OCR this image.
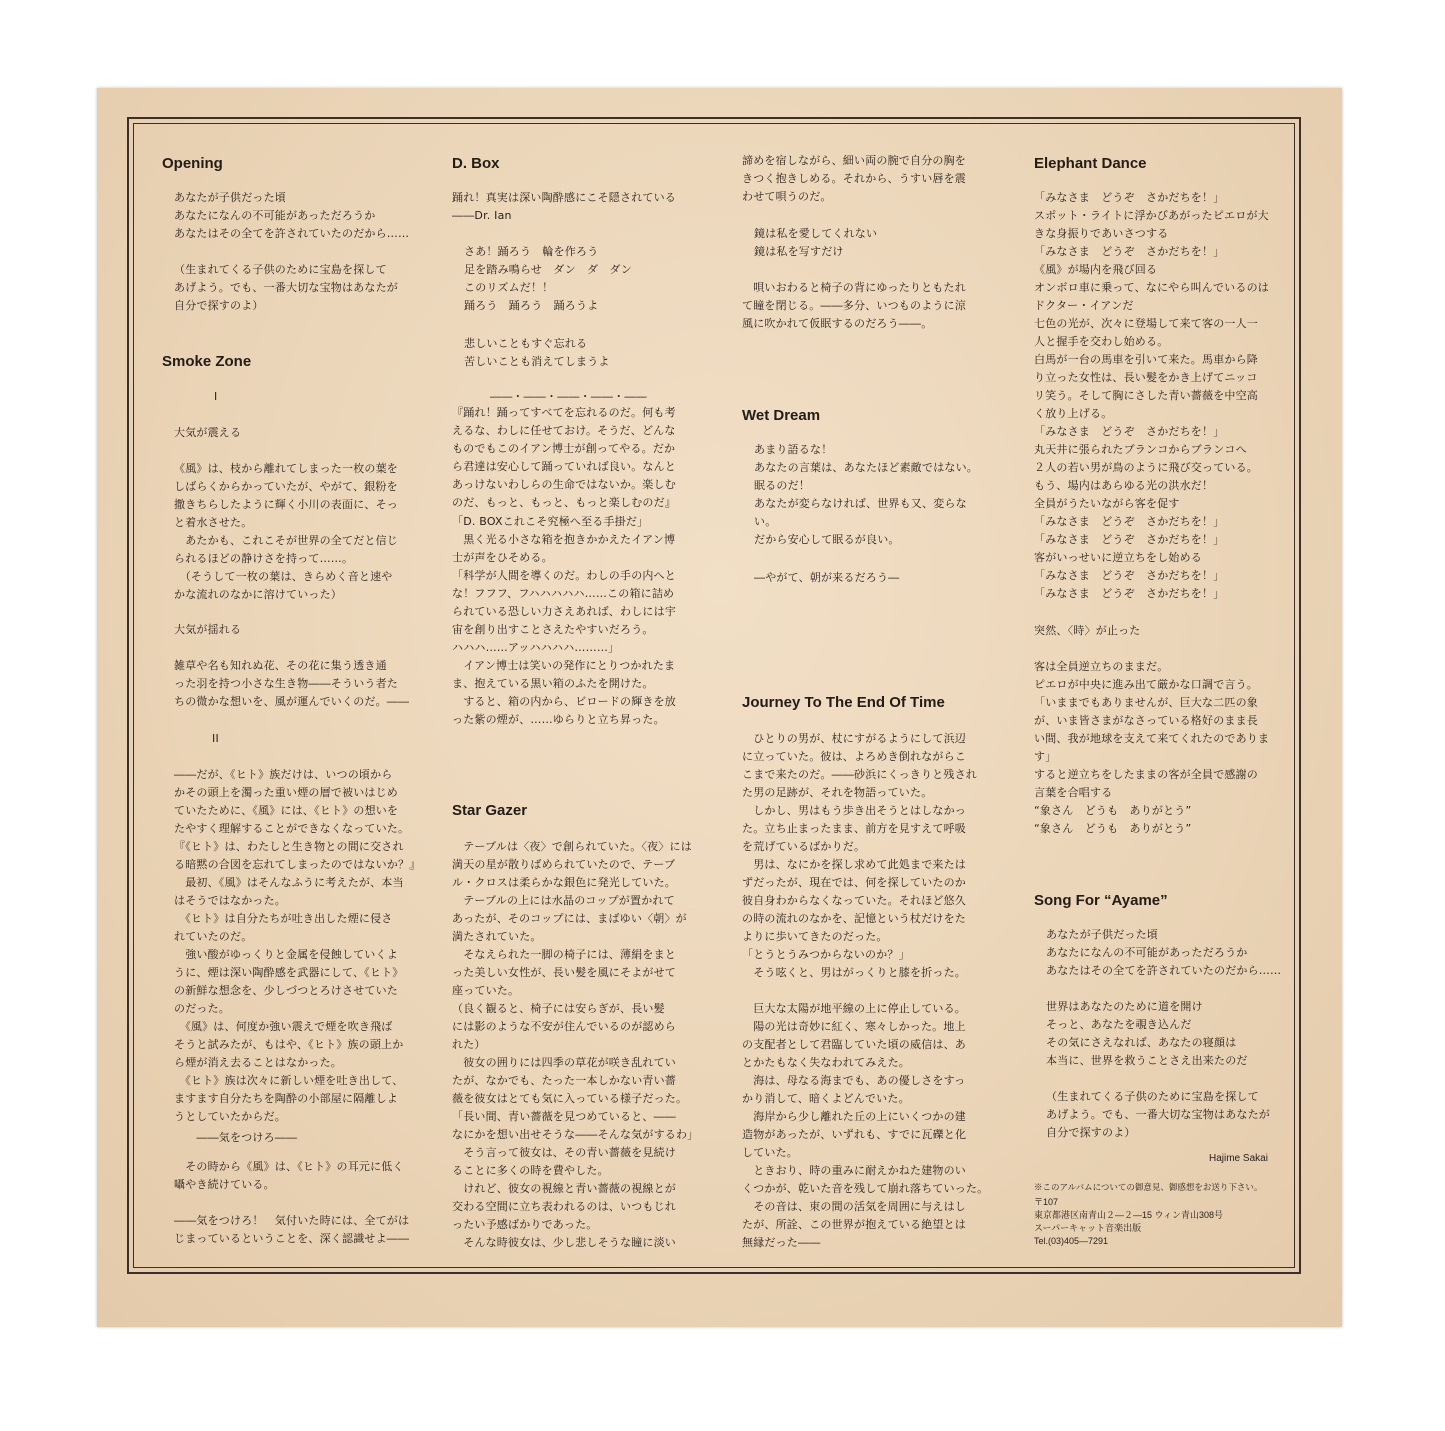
Opening
あなたが子供だった頃
あなたになんの不可能があっただろうか
あなたはその全てを許されていたのだから……
（生まれてくる子供のために宝島を探して
あげよう。でも、一番大切な宝物はあなたが
自分で探すのよ）
Smoke Zone
I
大気が震える
《風》は、枝から離れてしまった一枚の葉を
しばらくからかっていたが、やがて、銀粉を
撒きちらしたように輝く小川の表面に、そっ
と着水させた。
　あたかも、これこそが世界の全てだと信じ
られるほどの静けさを持って……。
　（そうして一枚の葉は、きらめく音と速や
かな流れのなかに溶けていった）
大気が揺れる
雑草や名も知れぬ花、その花に集う透き通
った羽を持つ小さな生き物――そういう者た
ちの微かな想いを、風が運んでいくのだ。――
II
――だが、《ヒト》族だけは、いつの頃から
かその頭上を濁った重い煙の層で被いはじめ
ていたために、《風》には、《ヒト》の想いを
たやすく理解することができなくなっていた。
『《ヒト》は、わたしと生き物との間に交され
る暗黙の合図を忘れてしまったのではないか？』
　最初、《風》はそんなふうに考えたが、本当
はそうではなかった。
　《ヒト》は自分たちが吐き出した煙に侵さ
れていたのだ。
　強い酸がゆっくりと金属を侵蝕していくよ
うに、煙は深い陶酔感を武器にして、《ヒト》
の新鮮な想念を、少しづつとろけさせていた
のだった。
　《風》は、何度か強い震えで煙を吹き飛ば
そうと試みたが、もはや、《ヒト》族の頭上か
ら煙が消え去ることはなかった。
　《ヒト》族は次々に新しい煙を吐き出して、
ますます自分たちを陶酔の小部屋に隔離しよ
うとしていたからだ。
　　――気をつけろ――
　その時から《風》は、《ヒト》の耳元に低く
囁やき続けている。
――気をつけろ！　気付いた時には、全てがは
じまっているということを、深く認識せよ――
D. Box
踊れ！真実は深い陶酔感にこそ隠されている
――Dr. Ian
さあ！踊ろう　輪を作ろう
足を踏み鳴らせ　ダン　ダ　ダン
このリズムだ！！
踊ろう　踊ろう　踊ろうよ
悲しいこともすぐ忘れる
苦しいことも消えてしまうよ
――・――・――・――・――
『踊れ！踊ってすべてを忘れるのだ。何も考
えるな、わしに任せておけ。そうだ、どんな
ものでもこのイアン博士が創ってやる。だか
ら君達は安心して踊っていれば良い。なんと
あっけないわしらの生命ではないか。楽しむ
のだ、もっと、もっと、もっと楽しむのだ』
「D. BOXこれこそ究極へ至る手掛だ」
　黒く光る小さな箱を抱きかかえたイアン博
士が声をひそめる。
「科学が人間を導くのだ。わしの手の内へと
な！フフフ、フハハハハハ……この箱に詰め
られている恐しい力さえあれば、わしには宇
宙を創り出すことさえたやすいだろう。
ハハハ……アッハハハハ………」
　イアン博士は笑いの発作にとりつかれたま
ま、抱えている黒い箱のふたを開けた。
　すると、箱の内から、ビロードの輝きを放
った紫の煙が、……ゆらりと立ち昇った。
Star Gazer
　テーブルは〈夜〉で創られていた。〈夜〉には
満天の星が散りばめられていたので、テーブ
ル・クロスは柔らかな銀色に発光していた。
　テーブルの上には水晶のコップが置かれて
あったが、そのコップには、まばゆい〈朝〉が
満たされていた。
　そなえられた一脚の椅子には、薄絹をまと
った美しい女性が、長い髪を風にそよがせて
座っていた。
（良く観ると、椅子には安らぎが、長い髪
には影のような不安が住んでいるのが認めら
れた）
　彼女の囲りには四季の草花が咲き乱れてい
たが、なかでも、たった一本しかない青い薔
薇を彼女はとても気に入っている様子だった。
「長い間、青い薔薇を見つめていると、――
なにかを想い出せそうな――そんな気がするわ」
　そう言って彼女は、その青い薔薇を見続け
ることに多くの時を費やした。
　けれど、彼女の視線と青い薔薇の視線とが
交わる空間に立ち表われるのは、いつもじれ
ったい予感ばかりであった。
　そんな時彼女は、少し悲しそうな瞳に淡い
諦めを宿しながら、細い両の腕で自分の胸を
きつく抱きしめる。それから、うすい唇を震
わせて唄うのだ。
鏡は私を愛してくれない
鏡は私を写すだけ
　唄いおわると椅子の背にゆったりともたれ
て瞳を閉じる。――多分、いつものように涼
風に吹かれて仮眠するのだろう――。
Wet Dream
あまり語るな！
あなたの言葉は、あなたほど素敵ではない。
眠るのだ！
あなたが変らなければ、世界も又、変らな
い。
だから安心して眠るが良い。
―やがて、朝が来るだろう―
Journey To The End Of Time
　ひとりの男が、杖にすがるようにして浜辺
に立っていた。彼は、よろめき倒れながらこ
こまで来たのだ。――砂浜にくっきりと残され
た男の足跡が、それを物語っていた。
　しかし、男はもう歩き出そうとはしなかっ
た。立ち止まったまま、前方を見すえて呼吸
を荒げているばかりだ。
　男は、なにかを探し求めて此処まで来たは
ずだったが、現在では、何を探していたのか
彼自身わからなくなっていた。それほど悠久
の時の流れのなかを、記憶という杖だけをた
よりに歩いてきたのだった。
「とうとうみつからないのか？」
　そう呟くと、男はがっくりと膝を折った。
　巨大な太陽が地平線の上に停止している。
　陽の光は奇妙に紅く、寒々しかった。地上
の支配者として君臨していた頃の威信は、あ
とかたもなく失なわれてみえた。
　海は、母なる海までも、あの優しさをすっ
かり消して、暗くよどんでいた。
　海岸から少し離れた丘の上にいくつかの建
造物があったが、いずれも、すでに瓦礫と化
していた。
　ときおり、時の重みに耐えかねた建物のい
くつかが、乾いた音を残して崩れ落ちていった。
　その音は、束の間の活気を周囲に与えはし
たが、所詮、この世界が抱えている絶望とは
無縁だった――
Elephant Dance
「みなさま　どうぞ　さかだちを！」
スポット・ライトに浮かびあがったピエロが大
きな身振りであいさつする
「みなさま　どうぞ　さかだちを！」
《風》が場内を飛び回る
オンボロ車に乗って、なにやら叫んでいるのは
ドクター・イアンだ
七色の光が、次々に登場して来て客の一人一
人と握手を交わし始める。
白馬が一台の馬車を引いて来た。馬車から降
り立った女性は、長い髪をかき上げてニッコ
リ笑う。そして胸にさした青い薔薇を中空高
く放り上げる。
「みなさま　どうぞ　さかだちを！」
丸天井に張られたブランコからブランコへ
２人の若い男が鳥のように飛び交っている。
もう、場内はあらゆる光の洪水だ！
全員がうたいながら客を促す
「みなさま　どうぞ　さかだちを！」
「みなさま　どうぞ　さかだちを！」
客がいっせいに逆立ちをし始める
「みなさま　どうぞ　さかだちを！」
「みなさま　どうぞ　さかだちを！」
突然、〈時〉が止った
客は全員逆立ちのままだ。
ピエロが中央に進み出て厳かな口調で言う。
「いままでもありませんが、巨大な二匹の象
が、いま皆さまがなさっている格好のまま長
い間、我が地球を支えて来てくれたのであります」
すると逆立ちをしたままの客が全員で感謝の
言葉を合唱する
“象さん　どうも　ありがとう”
“象さん　どうも　ありがとう”
Song For “Ayame”
あなたが子供だった頃
あなたになんの不可能があっただろうか
あなたはその全てを許されていたのだから……
世界はあなたのために道を開け
そっと、あなたを覗き込んだ
その気にさえなれば、あなたの寝顔は
本当に、世界を救うことさえ出来たのだ
（生まれてくる子供のために宝島を探して
あげよう。でも、一番大切な宝物はあなたが
自分で探すのよ）
Hajime Sakai
※このアルバムについての御意見、御感想をお送り下さい。
〒107
東京都港区南青山２―２―15 ウィン青山308号
スーパーキャット音楽出版
Tel.(03)405―7291
